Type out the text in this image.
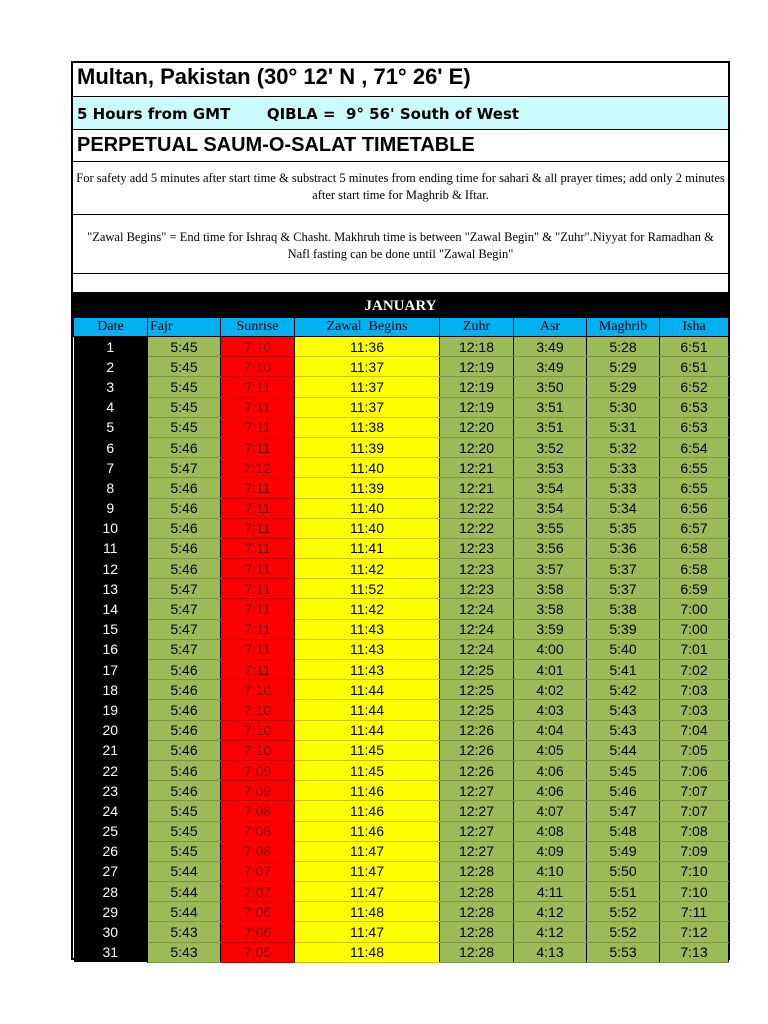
Multan, Pakistan (30° 12' N , 71° 26' E)
5 Hours from GMT       QIBLA =  9° 56' South of West
PERPETUAL SAUM-O-SALAT TIMETABLE
For safety add 5 minutes after start time & substract 5 minutes from ending time for sahari & all prayer times; add only 2 minutes after start time for Maghrib & Iftar.
"Zawal Begins" = End time for Ishraq & Chasht. Makhruh time is between "Zawal Begin" & "Zuhr".Niyyat for Ramadhan & Nafl fasting can be done until "Zawal Begin"
JANUARY
Date	Fajr	Sunrise	Zawal  Begins	Zuhr	Asr	Maghrib	Isha
1	5:45	7:10	11:36	12:18	3:49	5:28	6:51
2	5:45	7:10	11:37	12:19	3:49	5:29	6:51
3	5:45	7:11	11:37	12:19	3:50	5:29	6:52
4	5:45	7:11	11:37	12:19	3:51	5:30	6:53
5	5:45	7:11	11:38	12:20	3:51	5:31	6:53
6	5:46	7:11	11:39	12:20	3:52	5:32	6:54
7	5:47	7:12	11:40	12:21	3:53	5:33	6:55
8	5:46	7:11	11:39	12:21	3:54	5:33	6:55
9	5:46	7:11	11:40	12:22	3:54	5:34	6:56
10	5:46	7:11	11:40	12:22	3:55	5:35	6:57
11	5:46	7:11	11:41	12:23	3:56	5:36	6:58
12	5:46	7:11	11:42	12:23	3:57	5:37	6:58
13	5:47	7:11	11:52	12:23	3:58	5:37	6:59
14	5:47	7:11	11:42	12:24	3:58	5:38	7:00
15	5:47	7:11	11:43	12:24	3:59	5:39	7:00
16	5:47	7:11	11:43	12:24	4:00	5:40	7:01
17	5:46	7:11	11:43	12:25	4:01	5:41	7:02
18	5:46	7:10	11:44	12:25	4:02	5:42	7:03
19	5:46	7:10	11:44	12:25	4:03	5:43	7:03
20	5:46	7:10	11:44	12:26	4:04	5:43	7:04
21	5:46	7:10	11:45	12:26	4:05	5:44	7:05
22	5:46	7:09	11:45	12:26	4:06	5:45	7:06
23	5:46	7:09	11:46	12:27	4:06	5:46	7:07
24	5:45	7:08	11:46	12:27	4:07	5:47	7:07
25	5:45	7:08	11:46	12:27	4:08	5:48	7:08
26	5:45	7:08	11:47	12:27	4:09	5:49	7:09
27	5:44	7:07	11:47	12:28	4:10	5:50	7:10
28	5:44	7:07	11:47	12:28	4:11	5:51	7:10
29	5:44	7:06	11:48	12:28	4:12	5:52	7:11
30	5:43	7:06	11:47	12:28	4:12	5:52	7:12
31	5:43	7:05	11:48	12:28	4:13	5:53	7:13
